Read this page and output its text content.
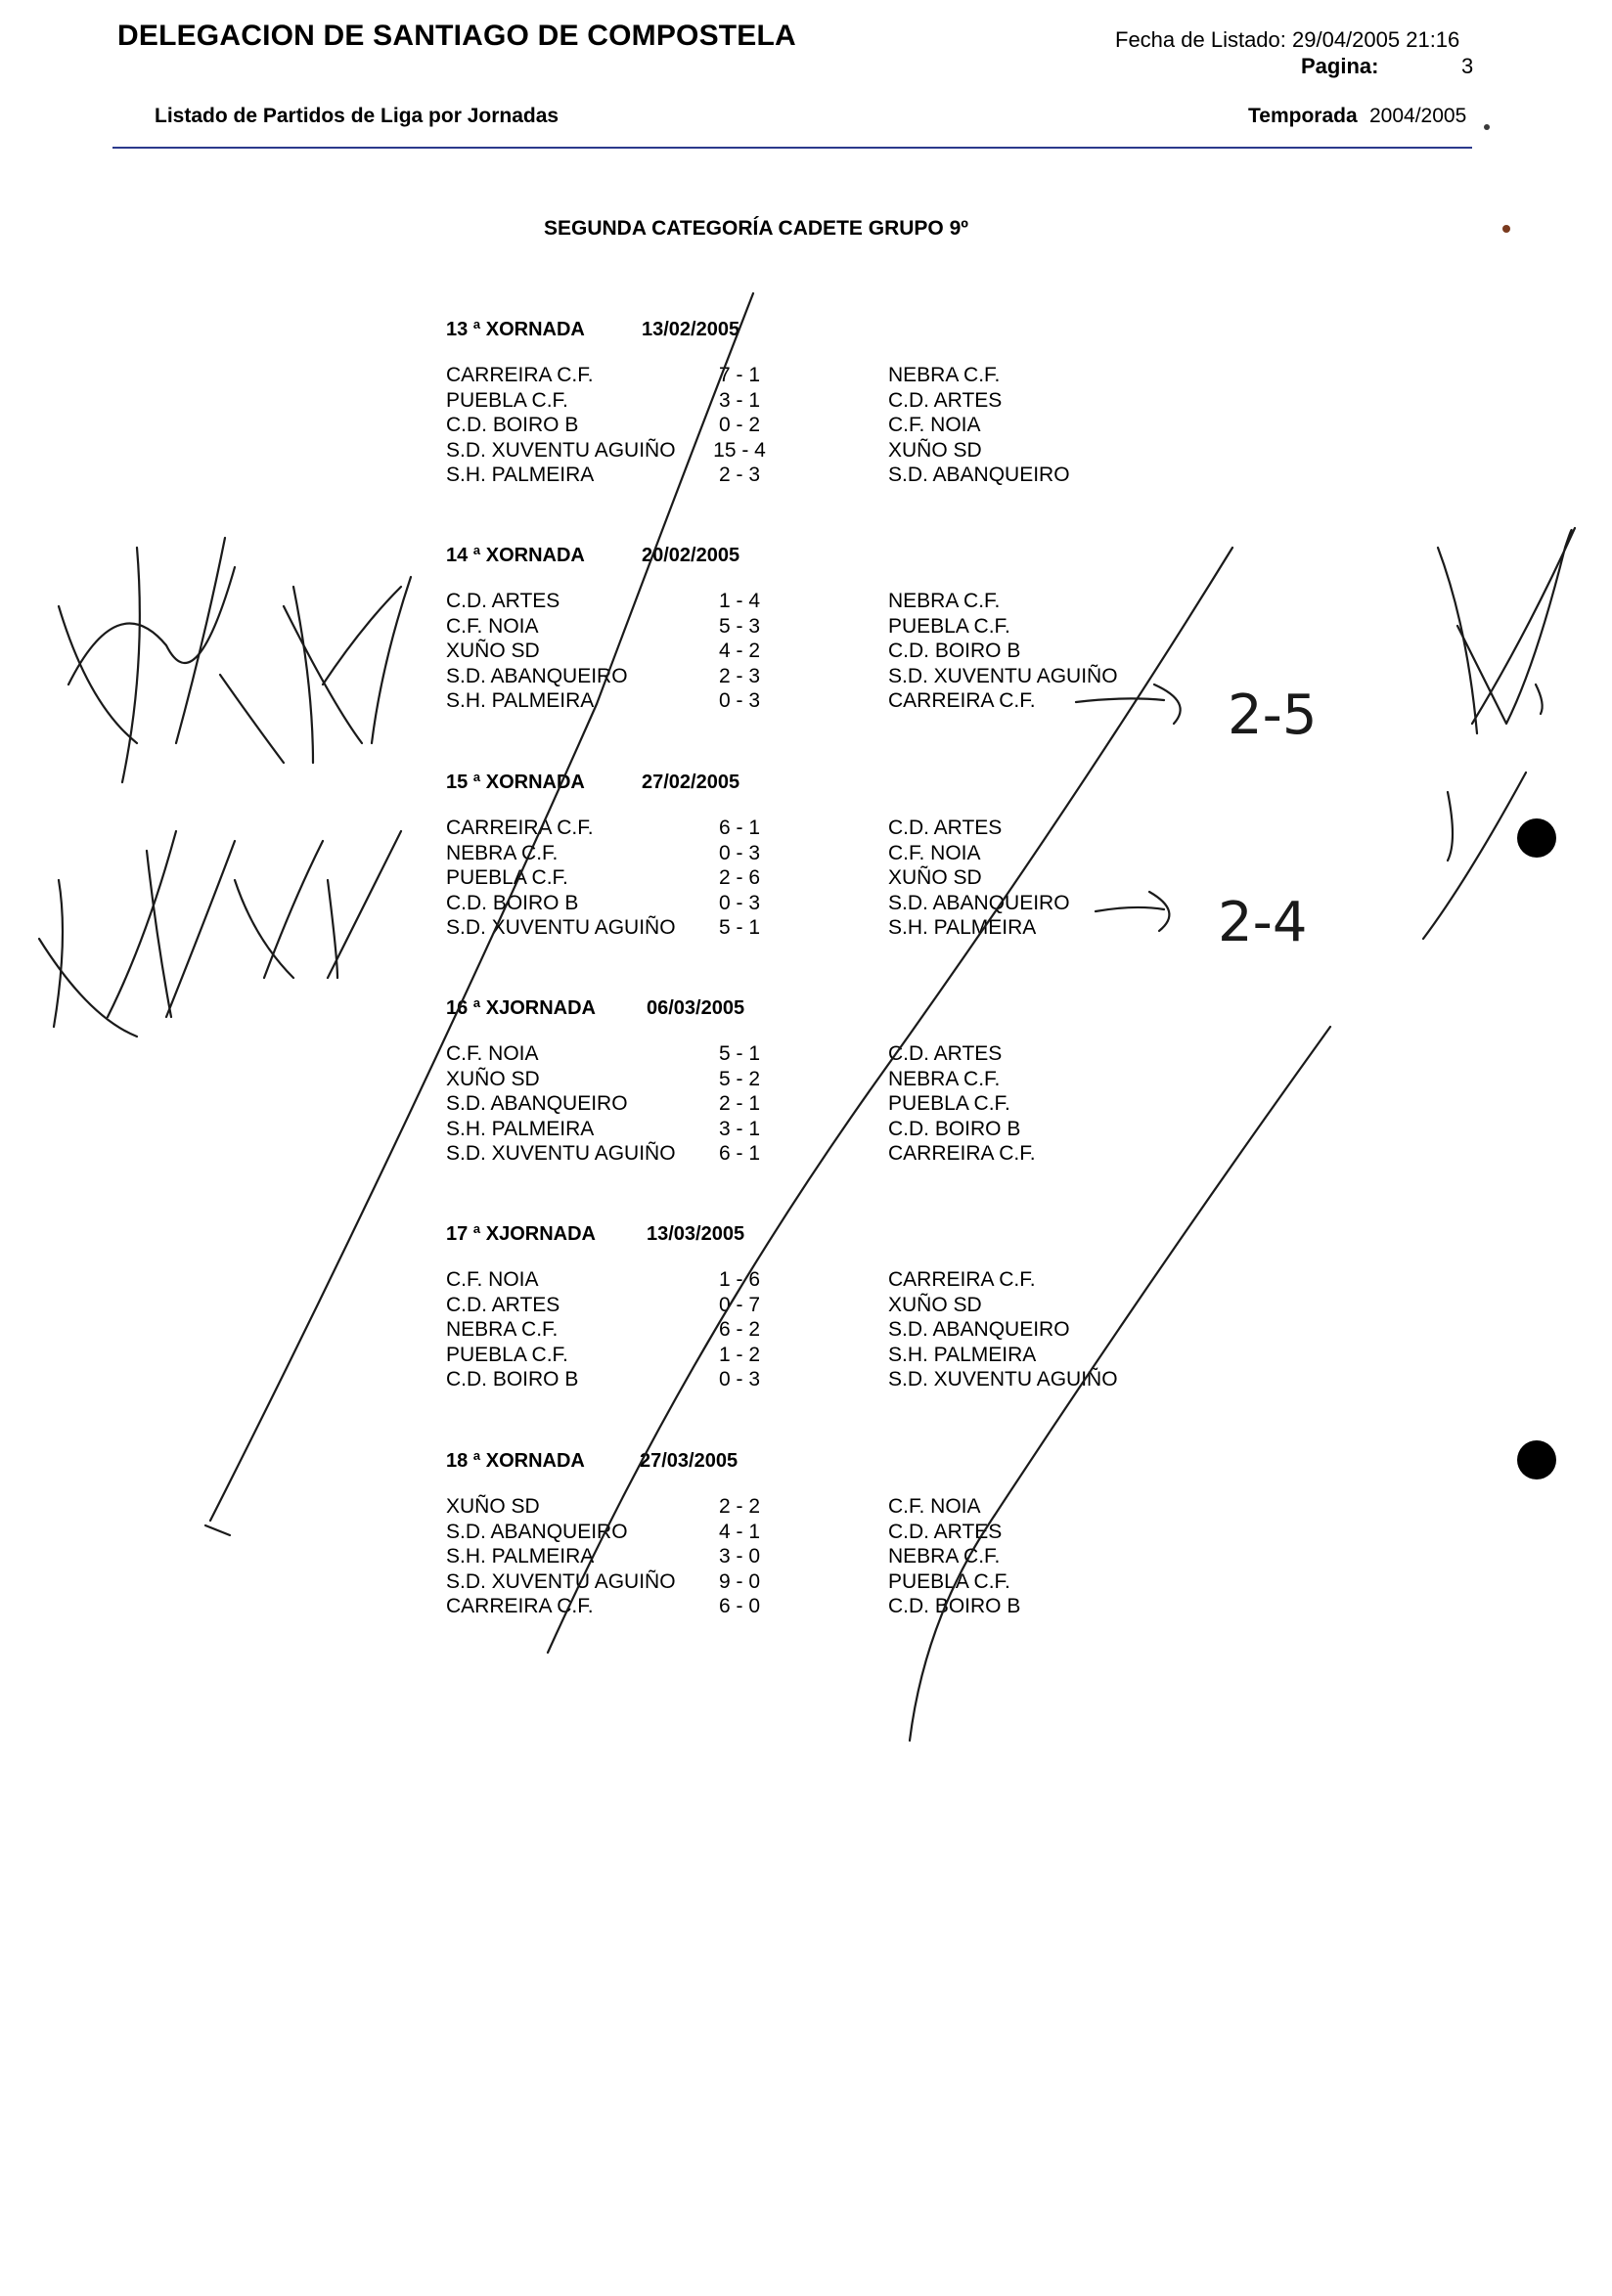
DELEGACION DE SANTIAGO DE COMPOSTELA	Fecha de Listado: 29/04/2005 21:16
Pagina:	3
Listado de Partidos de Liga por Jornadas	Temporada 2004/2005
SEGUNDA CATEGORÍA CADETE GRUPO 9º
13 ª XORNADA	13/02/2005
CARREIRA C.F.	7 - 1	NEBRA C.F.
PUEBLA C.F.	3 - 1	C.D. ARTES
C.D. BOIRO B	0 - 2	C.F. NOIA
S.D. XUVENTU AGUIÑO	15 - 4	XUÑO SD
S.H. PALMEIRA	2 - 3	S.D. ABANQUEIRO
14 ª XORNADA	20/02/2005
C.D. ARTES	1 - 4	NEBRA C.F.
C.F. NOIA	5 - 3	PUEBLA C.F.
XUÑO SD	4 - 2	C.D. BOIRO B
S.D. ABANQUEIRO	2 - 3	S.D. XUVENTU AGUIÑO
S.H. PALMEIRA	0 - 3	CARREIRA C.F.
15 ª XORNADA	27/02/2005
CARREIRA C.F.	6 - 1	C.D. ARTES
NEBRA C.F.	0 - 3	C.F. NOIA
PUEBLA C.F.	2 - 6	XUÑO SD
C.D. BOIRO B	0 - 3	S.D. ABANQUEIRO
S.D. XUVENTU AGUIÑO	5 - 1	S.H. PALMEIRA
16 ª XJORNADA	06/03/2005
C.F. NOIA	5 - 1	C.D. ARTES
XUÑO SD	5 - 2	NEBRA C.F.
S.D. ABANQUEIRO	2 - 1	PUEBLA C.F.
S.H. PALMEIRA	3 - 1	C.D. BOIRO B
S.D. XUVENTU AGUIÑO	6 - 1	CARREIRA C.F.
17 ª XJORNADA	13/03/2005
C.F. NOIA	1 - 6	CARREIRA C.F.
C.D. ARTES	0 - 7	XUÑO SD
NEBRA C.F.	6 - 2	S.D. ABANQUEIRO
PUEBLA C.F.	1 - 2	S.H. PALMEIRA
C.D. BOIRO B	0 - 3	S.D. XUVENTU AGUIÑO
18 ª XORNADA	27/03/2005
XUÑO SD	2 - 2	C.F. NOIA
S.D. ABANQUEIRO	4 - 1	C.D. ARTES
S.H. PALMEIRA	3 - 0	NEBRA C.F.
S.D. XUVENTU AGUIÑO	9 - 0	PUEBLA C.F.
CARREIRA C.F.	6 - 0	C.D. BOIRO B
2-5
2-4
